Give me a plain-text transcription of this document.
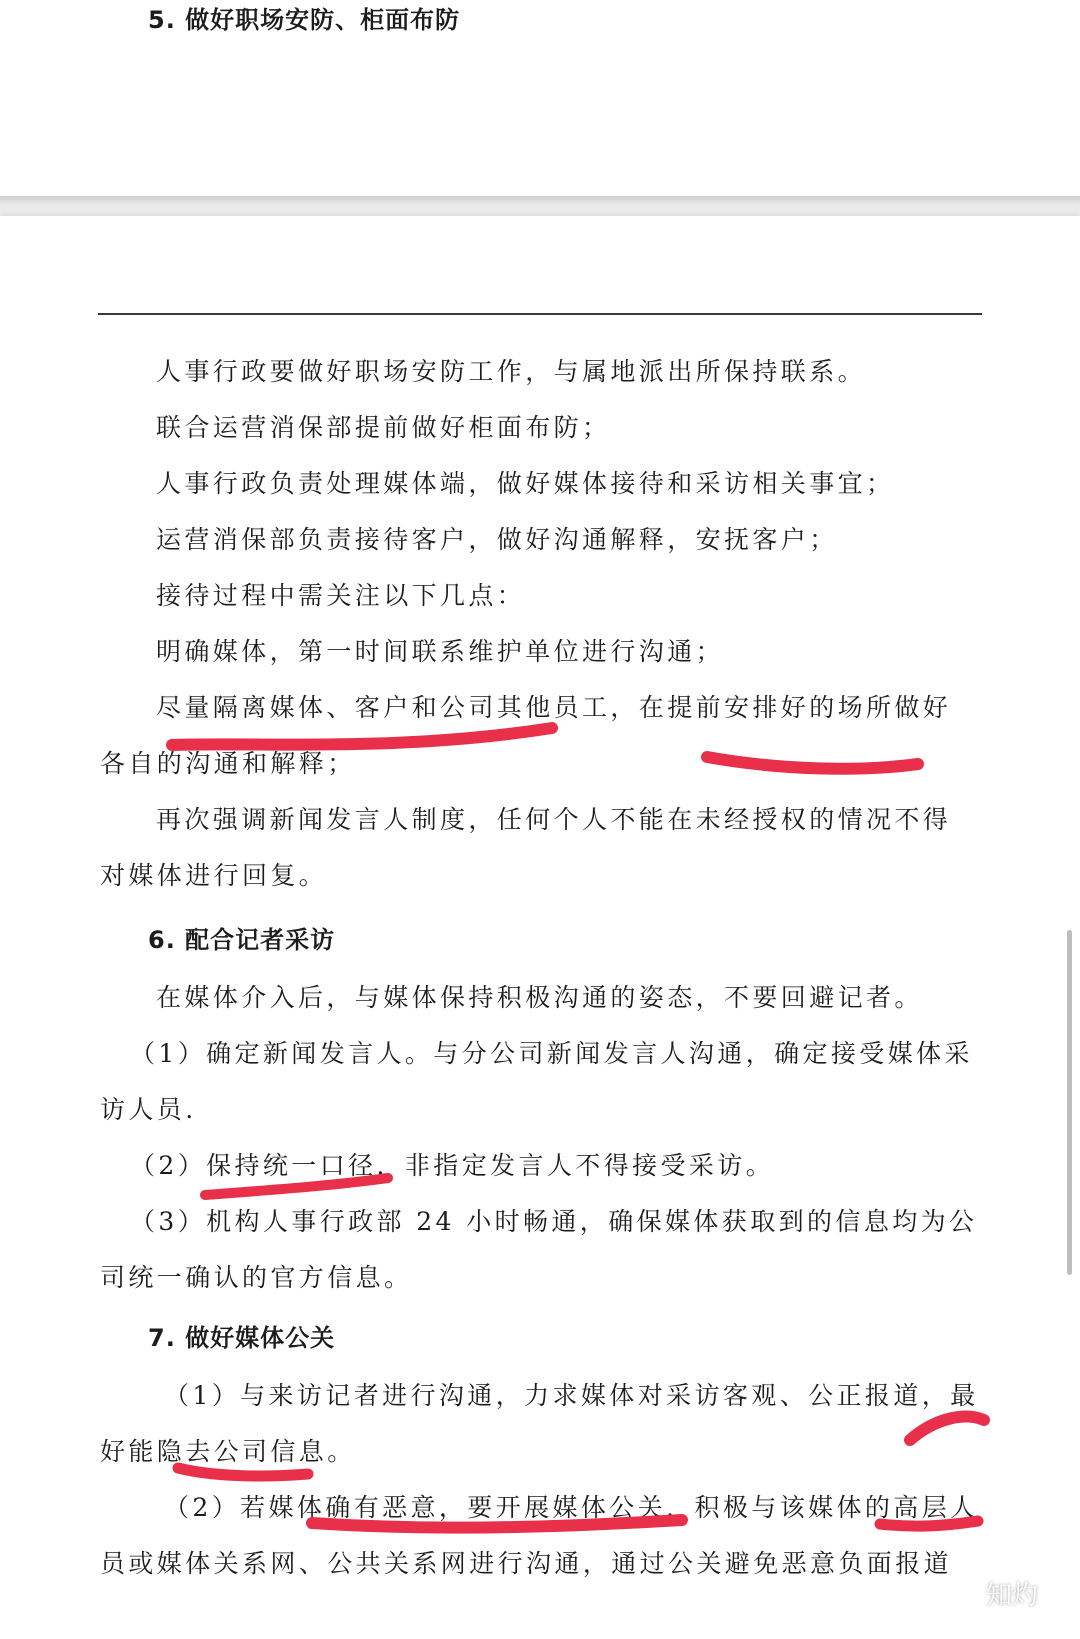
5. 做好职场安防、柜面布防
人事行政要做好职场安防工作，与属地派出所保持联系。
联合运营消保部提前做好柜面布防；
人事行政负责处理媒体端，做好媒体接待和采访相关事宜；
运营消保部负责接待客户，做好沟通解释，安抚客户；
接待过程中需关注以下几点：
明确媒体，第一时间联系维护单位进行沟通；
尽量隔离媒体、客户和公司其他员工，在提前安排好的场所做好
各自的沟通和解释；
再次强调新闻发言人制度，任何个人不能在未经授权的情况不得
对媒体进行回复。
6. 配合记者采访
在媒体介入后，与媒体保持积极沟通的姿态，不要回避记者。
（1）确定新闻发言人。与分公司新闻发言人沟通，确定接受媒体采
访人员.
（2）保持统一口径，非指定发言人不得接受采访。
（3）机构人事行政部 24 小时畅通，确保媒体获取到的信息均为公
司统一确认的官方信息。
7. 做好媒体公关
（1）与来访记者进行沟通，力求媒体对采访客观、公正报道，最
好能隐去公司信息。
（2）若媒体确有恶意，要开展媒体公关，积极与该媒体的高层人
员或媒体关系网、公共关系网进行沟通，通过公关避免恶意负面报道
知灼
